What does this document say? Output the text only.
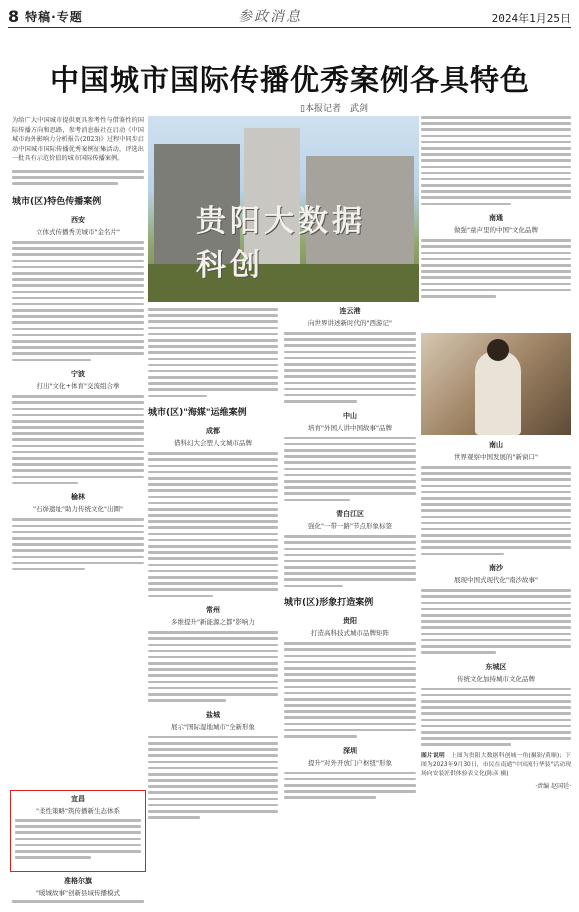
8 特稿·专题	参政消息	2024年1月25日
中国城市国际传播优秀案例各具特色
▯本报记者　武剑
为给广大中国城市提供更具参考性与借鉴性的国际传播方向和思路，参考消息报社在启动《中国城市海外影响力分析报告(2023)》过程中同步启动中国城市国际传播优秀案例征集活动，评选出一批具有示范价值的城市国际传播案例。
城市(区)特色传播案例
西安
立体式传播秀美城市"金名片"
宁波
打出"文化+体育"交流组合拳
榆林
"石峁遗址"助力传统文化"出圈"
宜昌
"柔性策略"筑传播新生态体系
准格尔旗
"暖城故事"创新县域传播模式
贵阳大数据科创
城市(区)"海媒"运维案例
成都
借科幻大会塑人文城市品牌
常州
多维提升"新能源之都"影响力
盐城
展示"国际湿地城市"全新形象
连云港
向世界讲述新时代的"西游记"
中山
培育"外国人讲中国故事"品牌
青白江区
强化"一带一路"节点形象标签
城市(区)形象打造案例
贵阳
打造高科技式城市品牌矩阵
深圳
提升"对外开放门户枢纽"形象
南通
做强"童声里的中国"文化品牌
南山
世界观察中国发展的"新窗口"
南沙
展现中国式现代化"南沙故事"
东城区
传统文化加持城市文化品牌
图片说明　 上图为贵阳大数据科创城一角(摄影/黄顺)；下图为2023年9月30日，市民在南通"中国流行华装"活动现场向安装匠供体验表文化(陈彦 摄)
·责编 赵国廷·
